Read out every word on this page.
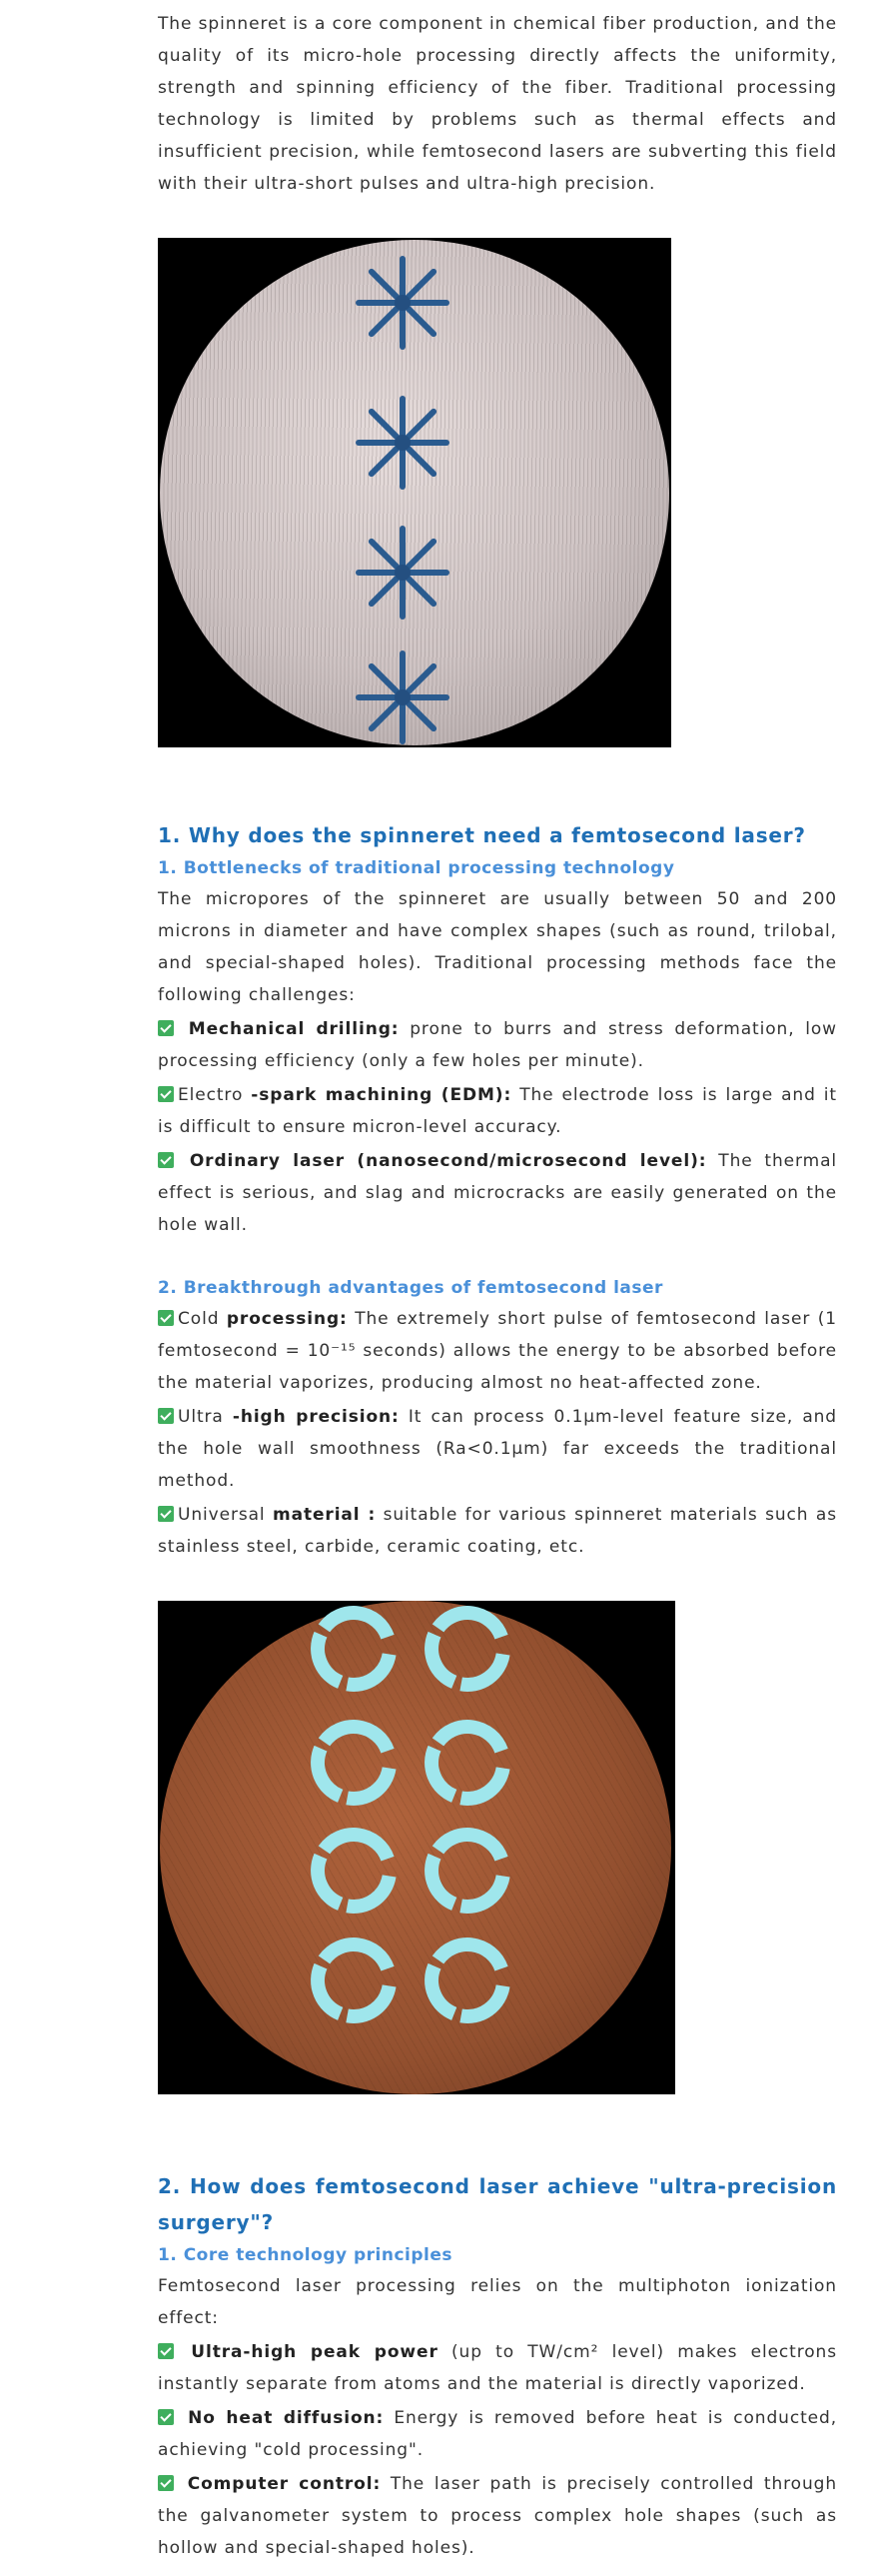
The spinneret is a core component in chemical fiber production, and the quality of its micro-hole processing directly affects the uniformity, strength and spinning efficiency of the fiber. Traditional processing technology is limited by problems such as thermal effects and insufficient precision, while femtosecond lasers are subverting this field with their ultra-short pulses and ultra-high precision.

1. Why does the spinneret need a femtosecond laser?
1. Bottlenecks of traditional processing technology

The micropores of the spinneret are usually between 50 and 200 microns in diameter and have complex shapes (such as round, trilobal, and special-shaped holes). Traditional processing methods face the following challenges:

Mechanical drilling: prone to burrs and stress deformation, low processing efficiency (only a few holes per minute).

Electro -spark machining (EDM): The electrode loss is large and it is difficult to ensure micron-level accuracy.

Ordinary laser (nanosecond/microsecond level): The thermal effect is serious, and slag and microcracks are easily generated on the hole wall.

2. Breakthrough advantages of femtosecond laser

Cold processing: The extremely short pulse of femtosecond laser (1 femtosecond = 10⁻¹⁵ seconds) allows the energy to be absorbed before the material vaporizes, producing almost no heat-affected zone.

Ultra -high precision: It can process 0.1μm-level feature size, and the hole wall smoothness (Ra<0.1μm) far exceeds the traditional method.

Universal material : suitable for various spinneret materials such as stainless steel, carbide, ceramic coating, etc.

2. How does femtosecond laser achieve "ultra-precision surgery"?
1. Core technology principles

Femtosecond laser processing relies on the multiphoton ionization effect:

Ultra-high peak power (up to TW/cm² level) makes electrons instantly separate from atoms and the material is directly vaporized.

No heat diffusion: Energy is removed before heat is conducted, achieving "cold processing".

Computer control: The laser path is precisely controlled through the galvanometer system to process complex hole shapes (such as hollow and special-shaped holes).
